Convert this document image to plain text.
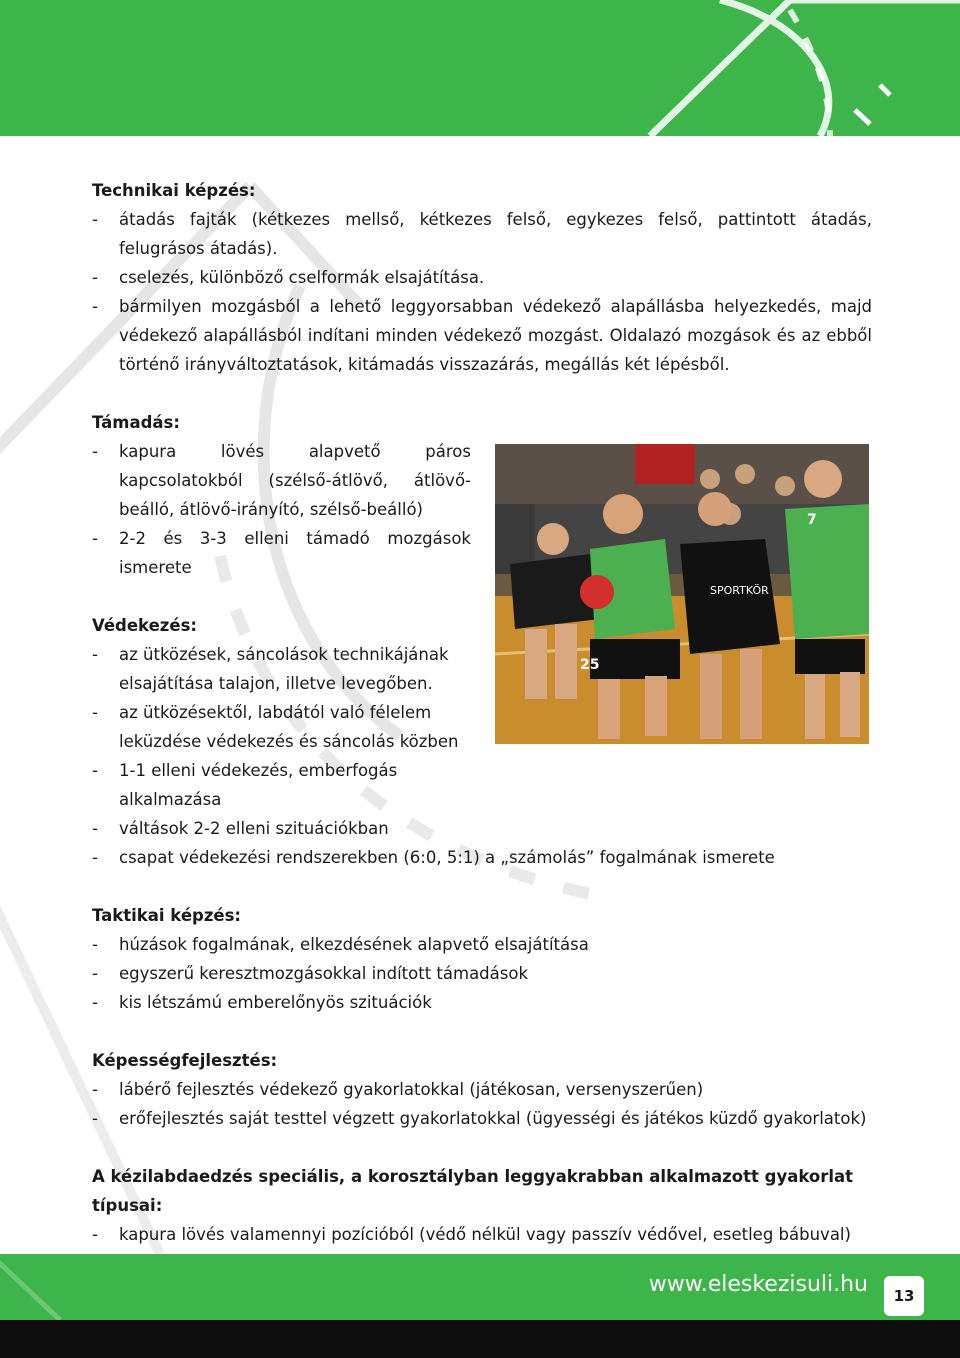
Technikai képzés:
- átadás fajták (kétkezes mellső, kétkezes felső, egykezes felső, pattintott átadás, felugrásos átadás).
- cselezés, különböző cselformák elsajátítása.
- bármilyen mozgásból a lehető leggyorsabban védekező alapállásba helyezkedés, majd védekező alapállásból indítani minden védekező mozgást. Oldalazó mozgások és az ebből történő irányváltoztatások, kitámadás visszazárás, megállás két lépésből.
Támadás:
- kapura lövés alapvető páros kapcsolatokból (szélső-átlövő, átlövő-beálló, átlövő-irányító, szélső-beálló)
- 2-2 és 3-3 elleni támadó mozgások ismerete
Védekezés:
- az ütközések, sáncolások technikájának elsajátítása talajon, illetve levegőben.
- az ütközésektől, labdától való félelem leküzdése védekezés és sáncolás közben
- 1-1 elleni védekezés, emberfogás alkalmazása
- váltások 2-2 elleni szituációkban
- csapat védekezési rendszerekben (6:0, 5:1) a „számolás” fogalmának ismerete
Taktikai képzés:
- húzások fogalmának, elkezdésének alapvető elsajátítása
- egyszerű keresztmozgásokkal indított támadások
- kis létszámú emberelőnyös szituációk
Képességfejlesztés:
- lábérő fejlesztés védekező gyakorlatokkal (játékosan, versenyszerűen)
- erőfejlesztés saját testtel végzett gyakorlatokkal (ügyességi és játékos küzdő gyakorlatok)
A kézilabdaedzés speciális, a korosztályban leggyakrabban alkalmazott gyakorlat típusai:
- kapura lövés valamennyi pozícióból (védő nélkül vagy passzív védővel, esetleg bábuval)
-
-
SPORTKÖR
25
7
www.eleskezisuli.hu	13
